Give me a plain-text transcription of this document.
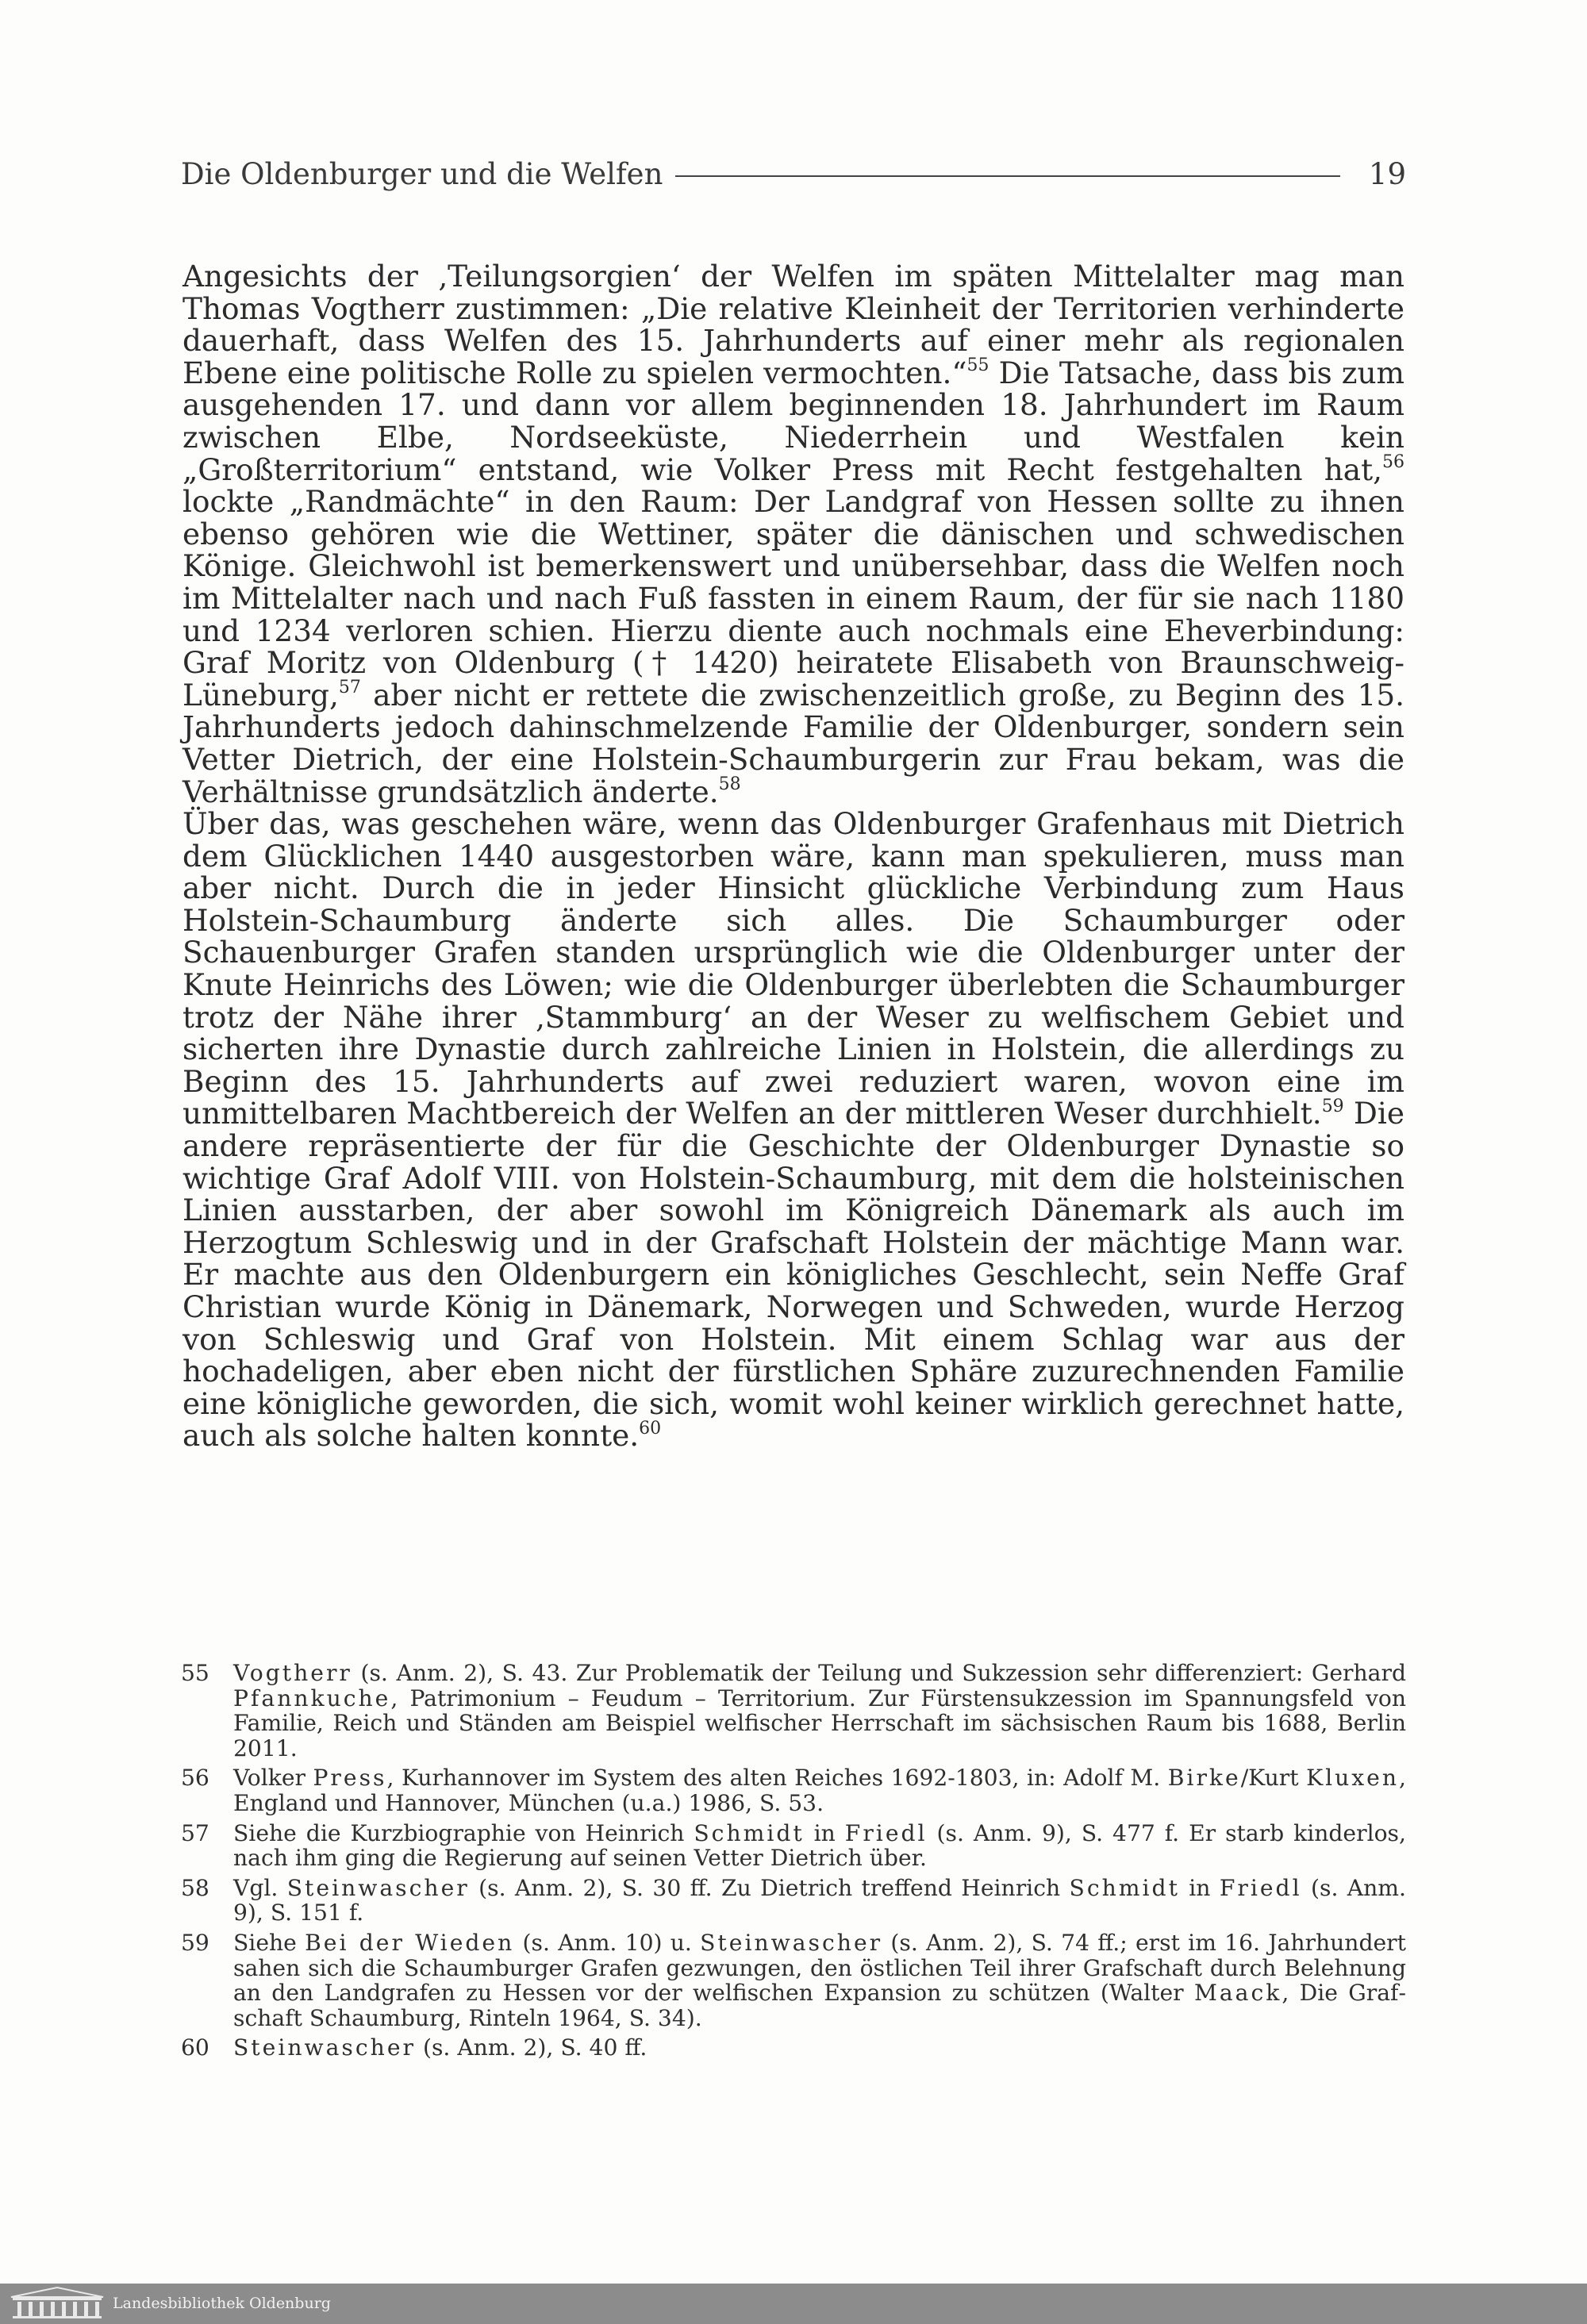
Die Oldenburger und die Welfen	19

Angesichts der ‚Teilungsorgien‘ der Welfen im späten Mittelalter mag man Thomas Vogtherr zustimmen: „Die relative Kleinheit der Territorien verhinderte dauerhaft, dass Welfen des 15. Jahrhunderts auf einer mehr als regionalen Ebene eine politische Rolle zu spielen vermochten.“$^{55}$ Die Tatsache, dass bis zum ausgehenden 17. und dann vor allem beginnenden 18. Jahrhundert im Raum zwischen Elbe, Nordseeküste, Niederrhein und Westfalen kein „Großterritorium“ entstand, wie Volker Press mit Recht festgehalten hat,$^{56}$ lockte „Randmächte“ in den Raum: Der Landgraf von Hessen sollte zu ihnen ebenso gehören wie die Wettiner, später die dänischen und schwedischen Könige. Gleichwohl ist bemerkenswert und unübersehbar, dass die Welfen noch im Mittelalter nach und nach Fuß fassten in einem Raum, der für sie nach 1180 und 1234 verloren schien. Hierzu diente auch nochmals eine Eheverbindung: Graf Moritz von Oldenburg († 1420) heiratete Elisabeth von Braunschweig-Lüneburg,$^{57}$ aber nicht er rettete die zwischenzeitlich große, zu Beginn des 15. Jahrhunderts jedoch dahinschmelzende Familie der Oldenburger, sondern sein Vetter Dietrich, der eine Holstein-Schaumburgerin zur Frau bekam, was die Verhältnisse grundsätzlich änderte.$^{58}$

Über das, was geschehen wäre, wenn das Oldenburger Grafenhaus mit Dietrich dem Glücklichen 1440 ausgestorben wäre, kann man spekulieren, muss man aber nicht. Durch die in jeder Hinsicht glückliche Verbindung zum Haus Holstein-Schaumburg änderte sich alles. Die Schaumburger oder Schauenburger Grafen standen ursprünglich wie die Oldenburger unter der Knute Heinrichs des Löwen; wie die Oldenburger überlebten die Schaumburger trotz der Nähe ihrer ‚Stammburg‘ an der Weser zu welfischem Gebiet und sicherten ihre Dynastie durch zahlreiche Linien in Holstein, die allerdings zu Beginn des 15. Jahrhunderts auf zwei reduziert waren, wovon eine im unmittelbaren Machtbereich der Welfen an der mittleren Weser durchhielt.$^{59}$ Die andere repräsentierte der für die Geschichte der Oldenburger Dynastie so wichtige Graf Adolf VIII. von Holstein-Schaumburg, mit dem die holsteinischen Linien ausstarben, der aber sowohl im Königreich Dänemark als auch im Herzogtum Schleswig und in der Grafschaft Holstein der mächtige Mann war. Er machte aus den Oldenburgern ein königliches Geschlecht, sein Neffe Graf Christian wurde König in Dänemark, Norwegen und Schweden, wurde Herzog von Schleswig und Graf von Holstein. Mit einem Schlag war aus der hochadeligen, aber eben nicht der fürstlichen Sphäre zuzurechnenden Familie eine königliche geworden, die sich, womit wohl keiner wirklich gerechnet hatte, auch als solche halten konnte.$^{60}$

55	Vogtherr (s. Anm. 2), S. 43. Zur Problematik der Teilung und Sukzession sehr differenziert: Gerhard Pfannkuche, Patrimonium – Feudum – Territorium. Zur Fürstensukzession im Spannungsfeld von Familie, Reich und Ständen am Beispiel welfischer Herrschaft im sächsischen Raum bis 1688, Berlin 2011.
56	Volker Press, Kurhannover im System des alten Reiches 1692-1803, in: Adolf M. Birke/Kurt Kluxen, England und Hannover, München (u.a.) 1986, S. 53.
57	Siehe die Kurzbiographie von Heinrich Schmidt in Friedl (s. Anm. 9), S. 477 f. Er starb kinderlos, nach ihm ging die Regierung auf seinen Vetter Dietrich über.
58	Vgl. Steinwascher (s. Anm. 2), S. 30 ff. Zu Dietrich treffend Heinrich Schmidt in Friedl (s. Anm. 9), S. 151 f.
59	Siehe Bei der Wieden (s. Anm. 10) u. Steinwascher (s. Anm. 2), S. 74 ff.; erst im 16. Jahrhundert sahen sich die Schaumburger Grafen gezwungen, den östlichen Teil ihrer Grafschaft durch Belehnung an den Landgrafen zu Hessen vor der welfischen Expansion zu schützen (Walter Maack, Die Grafschaft Schaumburg, Rinteln 1964, S. 34).
60	Steinwascher (s. Anm. 2), S. 40 ff.
Landesbibliothek Oldenburg
